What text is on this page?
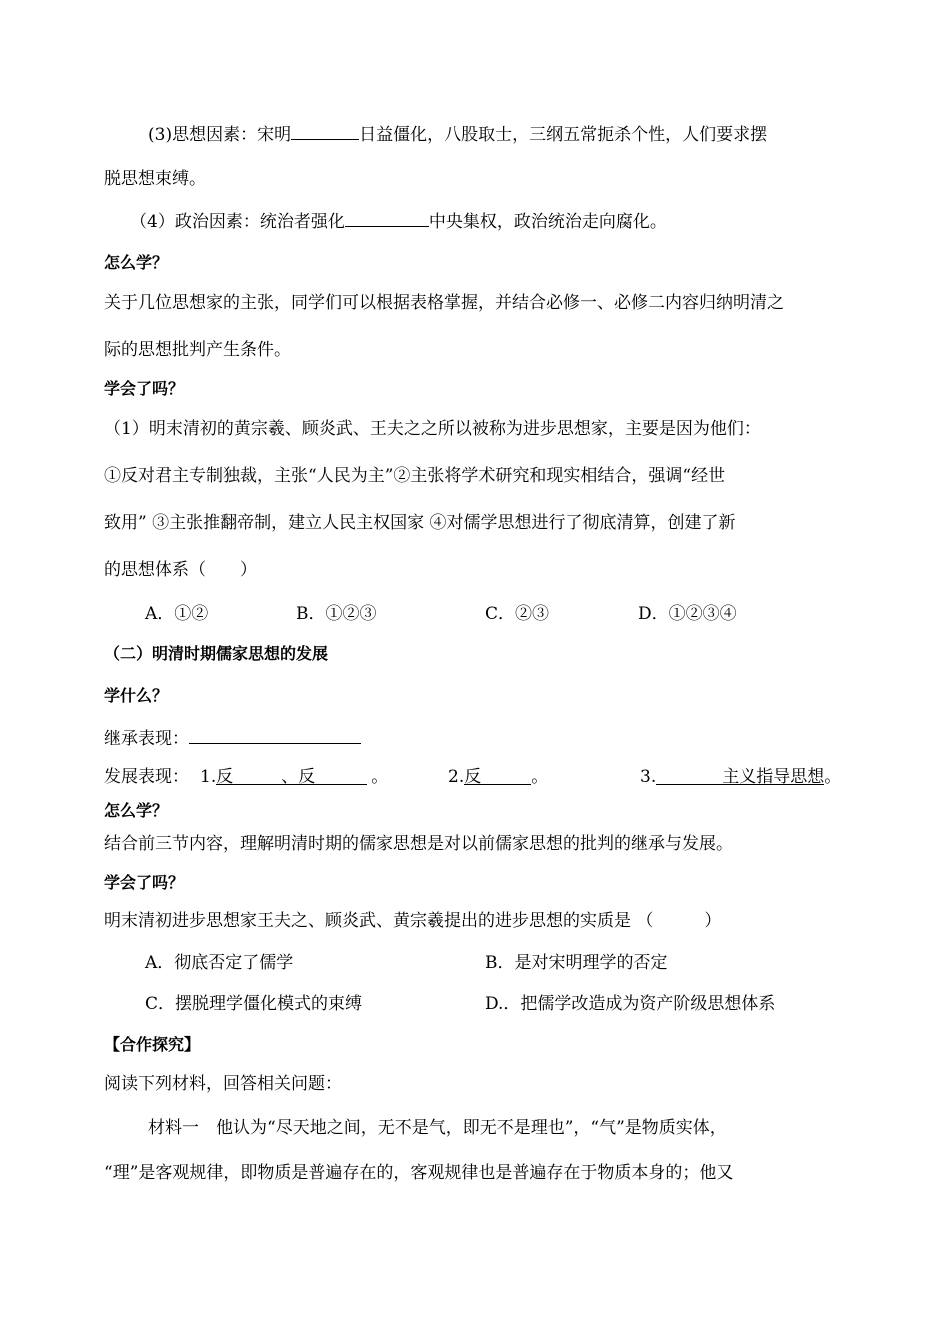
(3)思想因素：宋明	日益僵化，八股取士，三纲五常扼杀个性，人们要求摆
脱思想束缚。
（4）政治因素：统治者强化	中央集权，政治统治走向腐化。
怎么学？
关于几位思想家的主张，同学们可以根据表格掌握，并结合必修一、必修二内容归纳明清之
际的思想批判产生条件。
学会了吗？
（1）明末清初的黄宗羲、顾炎武、王夫之之所以被称为进步思想家，主要是因为他们：
①反对君主专制独裁，主张“人民为主”②主张将学术研究和现实相结合，强调“经世
致用” ③主张推翻帝制，建立人民主权国家 ④对儒学思想进行了彻底清算，创建了新
的思想体系（　　）
A．①②	B．①②③	C．②③	D．①②③④
（二）明清时期儒家思想的发展
学什么？
继承表现：
发展表现： 1.反	、反	。	2.反	。	3.	主义指导思想。
怎么学？
结合前三节内容，理解明清时期的儒家思想是对以前儒家思想的批判的继承与发展。
学会了吗？
明末清初进步思想家王夫之、顾炎武、黄宗羲提出的进步思想的实质是 （　　　）
A．彻底否定了儒学	B．是对宋明理学的否定
C．摆脱理学僵化模式的束缚	D.．把儒学改造成为资产阶级思想体系
【合作探究】
阅读下列材料，回答相关问题：
材料一　他认为“尽天地之间，无不是气，即无不是理也”，“气”是物质实体，
“理”是客观规律，即物质是普遍存在的，客观规律也是普遍存在于物质本身的；他又
